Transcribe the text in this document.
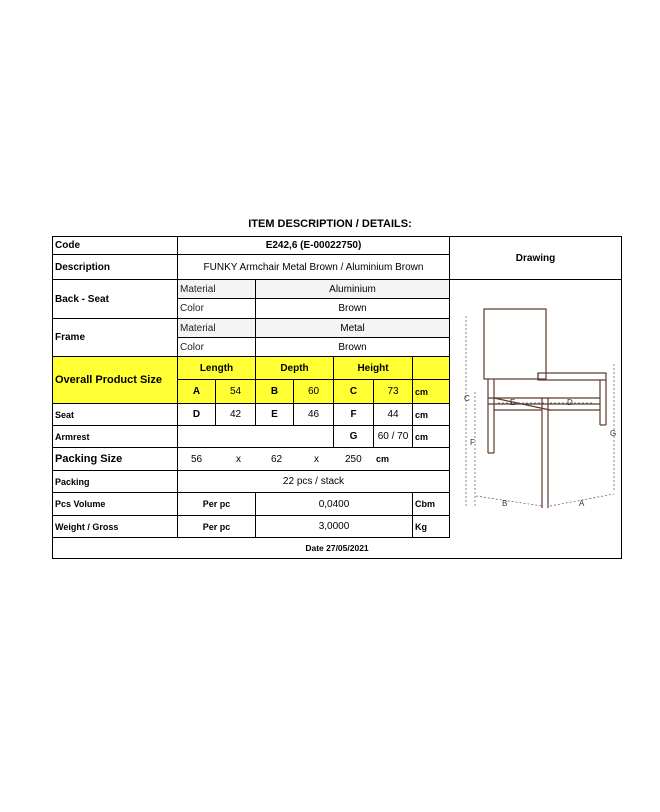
ITEM DESCRIPTION / DETAILS:
Code	E242,6 (E-00022750)
Description	FUNKY Armchair Metal Brown / Aluminium Brown
Drawing
Back - Seat
Material	Aluminium
Color	Brown
Frame
Material	Metal
Color	Brown
Overall Product Size
Length	Depth	Height
A	54	B	60	C	73	cm
Seat	D	42	E	46	F	44	cm
Armrest	G	60 / 70 cm
Packing Size	56	x	62	x	250 cm
Packing	22 pcs / stack
Pcs Volume	Per pc	0,0400	Cbm
Weight / Gross	Per pc	3,0000	Kg
C	E	D
G
F
B	A
Date 27/05/2021
